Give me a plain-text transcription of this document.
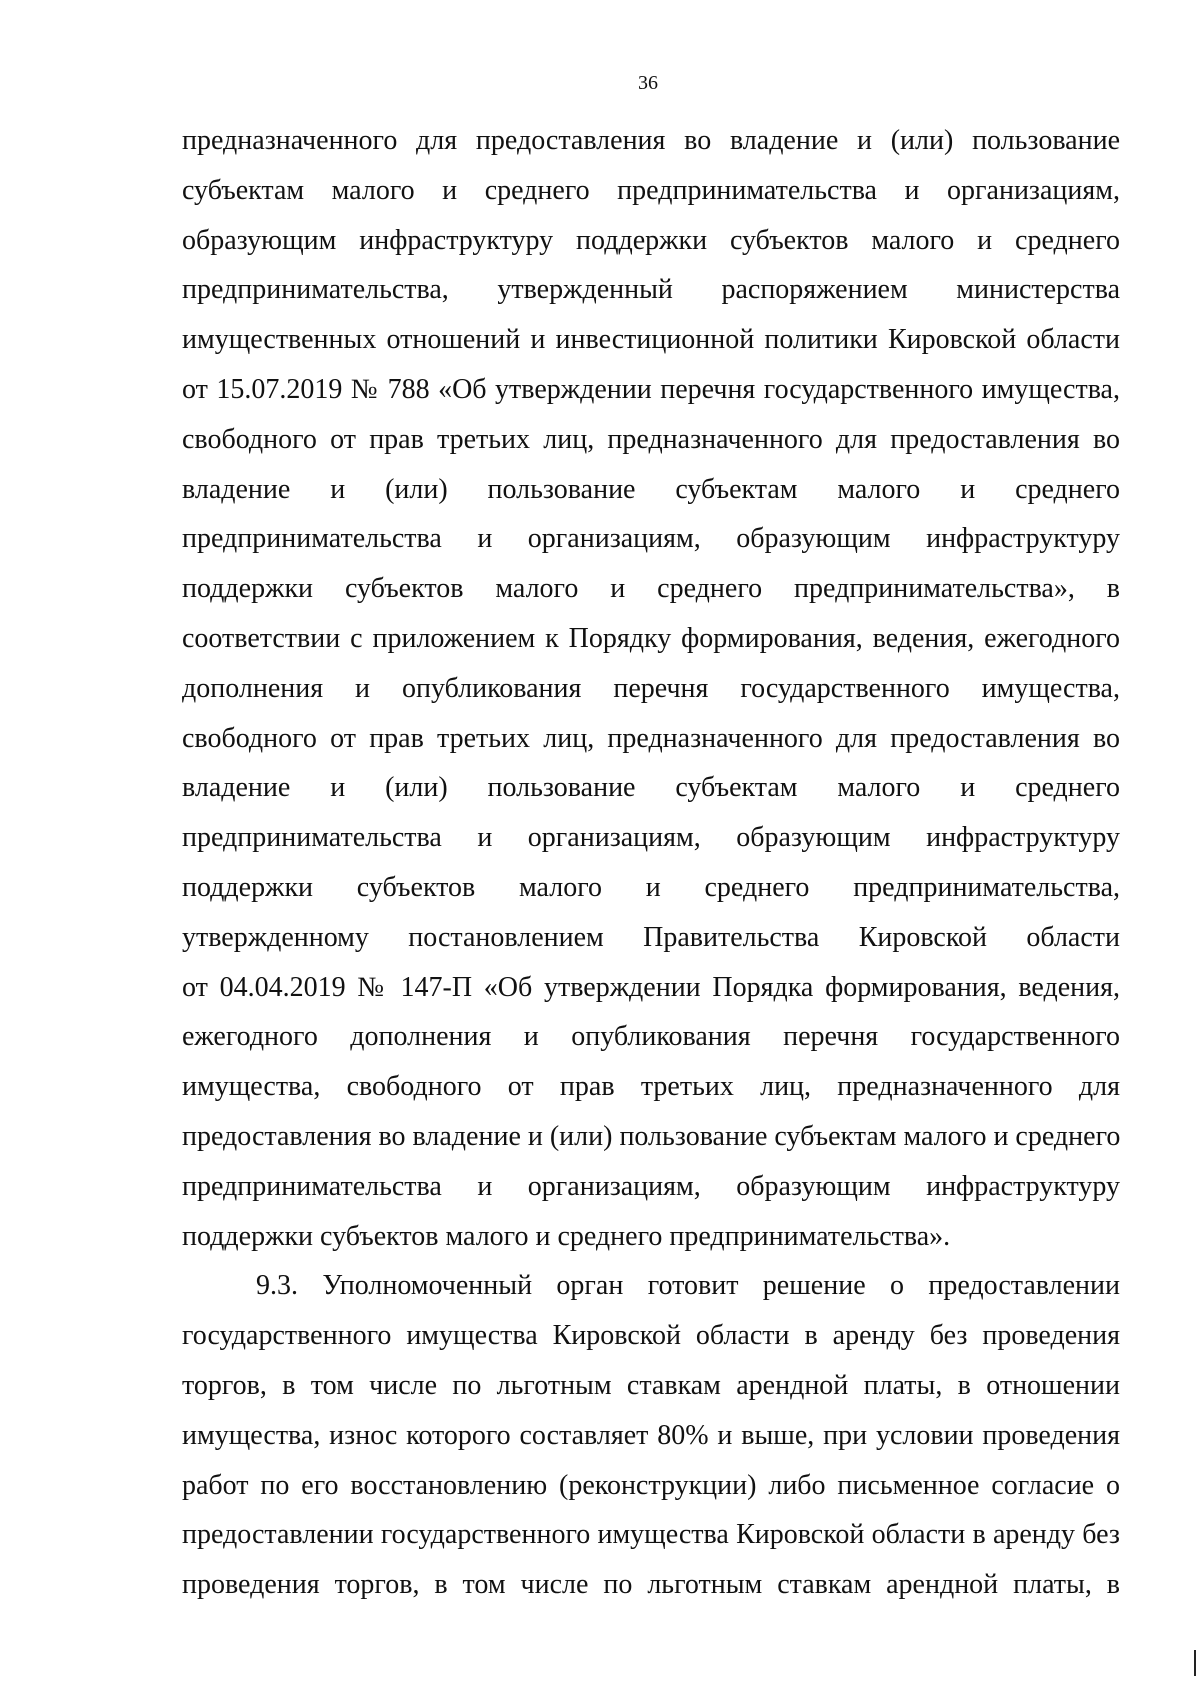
36
предназначенного для предоставления во владение и (или) пользование
субъектам малого и среднего предпринимательства и организациям,
образующим инфраструктуру поддержки субъектов малого и среднего
предпринимательства, утвержденный распоряжением министерства
имущественных отношений и инвестиционной политики Кировской области
от 15.07.2019 № 788 «Об утверждении перечня государственного имущества,
свободного от прав третьих лиц, предназначенного для предоставления во
владение и (или) пользование субъектам малого и среднего
предпринимательства и организациям, образующим инфраструктуру
поддержки субъектов малого и среднего предпринимательства», в
соответствии с приложением к Порядку формирования, ведения, ежегодного
дополнения и опубликования перечня государственного имущества,
свободного от прав третьих лиц, предназначенного для предоставления во
владение и (или) пользование субъектам малого и среднего
предпринимательства и организациям, образующим инфраструктуру
поддержки субъектов малого и среднего предпринимательства,
утвержденному постановлением Правительства Кировской области
от 04.04.2019 № 147-П «Об утверждении Порядка формирования, ведения,
ежегодного дополнения и опубликования перечня государственного
имущества, свободного от прав третьих лиц, предназначенного для
предоставления во владение и (или) пользование субъектам малого и среднего
предпринимательства и организациям, образующим инфраструктуру
поддержки субъектов малого и среднего предпринимательства».
9.3. Уполномоченный орган готовит решение о предоставлении
государственного имущества Кировской области в аренду без проведения
торгов, в том числе по льготным ставкам арендной платы, в отношении
имущества, износ которого составляет 80% и выше, при условии проведения
работ по его восстановлению (реконструкции) либо письменное согласие о
предоставлении государственного имущества Кировской области в аренду без
проведения торгов, в том числе по льготным ставкам арендной платы, в
